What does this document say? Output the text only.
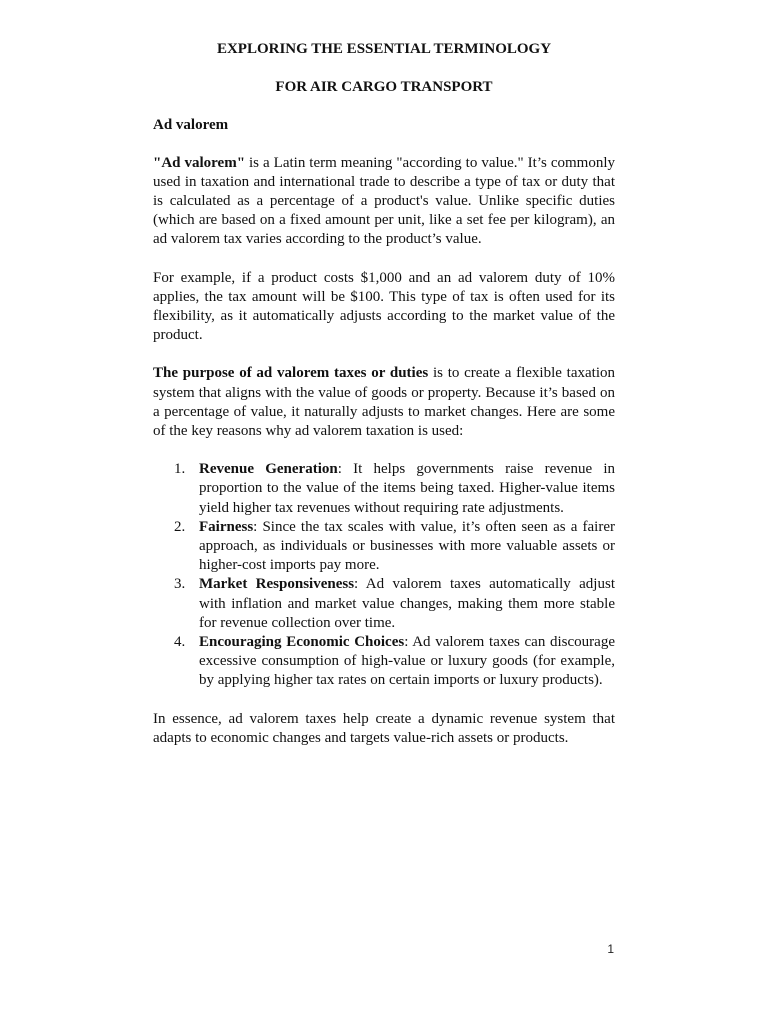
EXPLORING THE ESSENTIAL TERMINOLOGY
FOR AIR CARGO TRANSPORT
Ad valorem

"Ad valorem" is a Latin term meaning "according to value." It’s commonly used in taxation and international trade to describe a type of tax or duty that is calculated as a percentage of a product's value. Unlike specific duties (which are based on a fixed amount per unit, like a set fee per kilogram), an ad valorem tax varies according to the product’s value.

For example, if a product costs $1,000 and an ad valorem duty of 10% applies, the tax amount will be $100. This type of tax is often used for its flexibility, as it automatically adjusts according to the market value of the product.

The purpose of ad valorem taxes or duties is to create a flexible taxation system that aligns with the value of goods or property. Because it’s based on a percentage of value, it naturally adjusts to market changes. Here are some of the key reasons why ad valorem taxation is used:

1. Revenue Generation: It helps governments raise revenue in proportion to the value of the items being taxed. Higher-value items yield higher tax revenues without requiring rate adjustments.
2. Fairness: Since the tax scales with value, it’s often seen as a fairer approach, as individuals or businesses with more valuable assets or higher-cost imports pay more.
3. Market Responsiveness: Ad valorem taxes automatically adjust with inflation and market value changes, making them more stable for revenue collection over time.
4. Encouraging Economic Choices: Ad valorem taxes can discourage excessive consumption of high-value or luxury goods (for example, by applying higher tax rates on certain imports or luxury products).

In essence, ad valorem taxes help create a dynamic revenue system that adapts to economic changes and targets value-rich assets or products.

1
